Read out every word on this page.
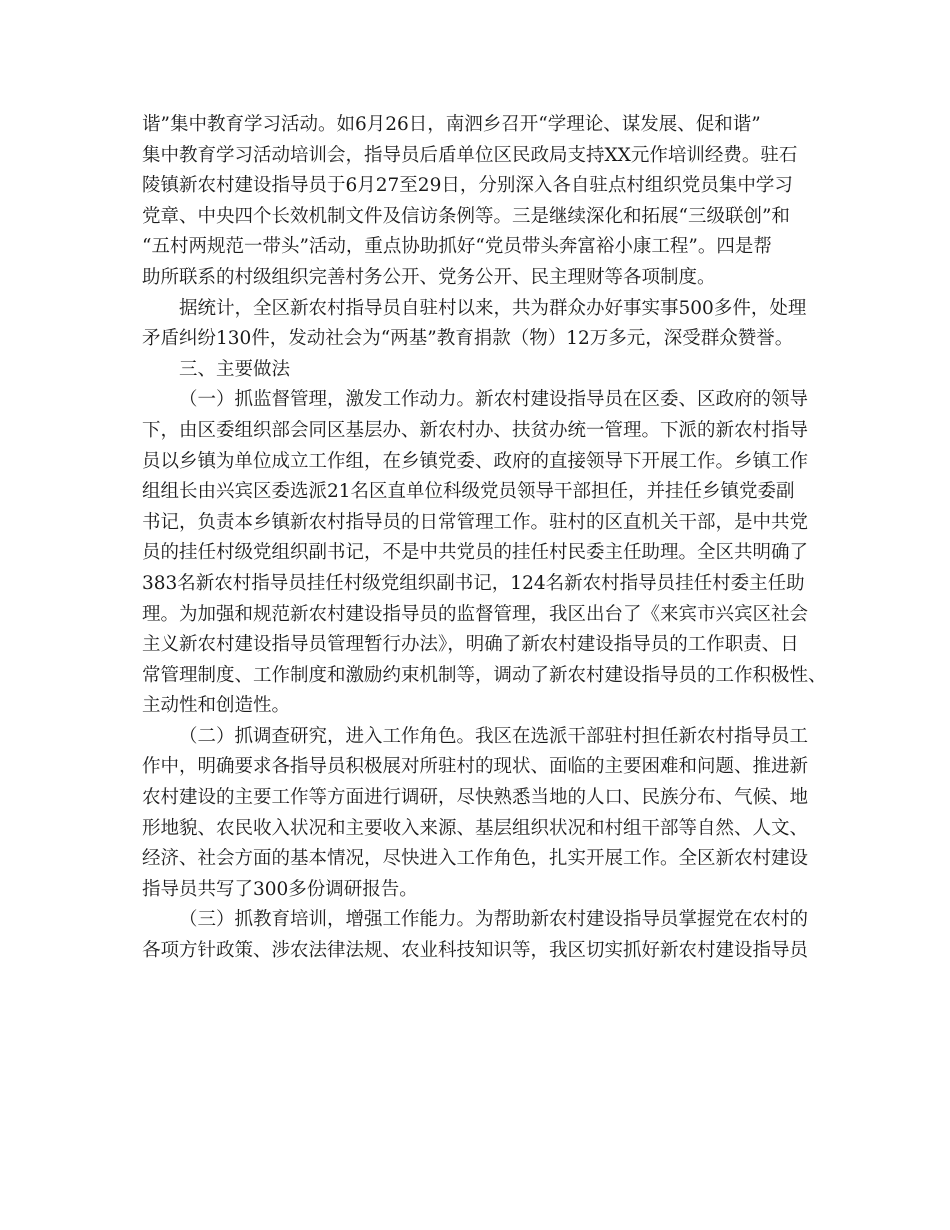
谐”集中教育学习活动。如6月26日，南泗乡召开“学理论、谋发展、促和谐”
集中教育学习活动培训会，指导员后盾单位区民政局支持XX元作培训经费。驻石
陵镇新农村建设指导员于6月27至29日，分别深入各自驻点村组织党员集中学习
党章、中央四个长效机制文件及信访条例等。三是继续深化和拓展“三级联创”和
“五村两规范一带头”活动，重点协助抓好“党员带头奔富裕小康工程”。四是帮
助所联系的村级组织完善村务公开、党务公开、民主理财等各项制度。
据统计，全区新农村指导员自驻村以来，共为群众办好事实事500多件，处理
矛盾纠纷130件，发动社会为“两基”教育捐款（物）12万多元，深受群众赞誉。
三、主要做法
（一）抓监督管理，激发工作动力。新农村建设指导员在区委、区政府的领导
下，由区委组织部会同区基层办、新农村办、扶贫办统一管理。下派的新农村指导
员以乡镇为单位成立工作组，在乡镇党委、政府的直接领导下开展工作。乡镇工作
组组长由兴宾区委选派21名区直单位科级党员领导干部担任，并挂任乡镇党委副
书记，负责本乡镇新农村指导员的日常管理工作。驻村的区直机关干部，是中共党
员的挂任村级党组织副书记，不是中共党员的挂任村民委主任助理。全区共明确了
383名新农村指导员挂任村级党组织副书记，124名新农村指导员挂任村委主任助
理。为加强和规范新农村建设指导员的监督管理，我区出台了《来宾市兴宾区社会
主义新农村建设指导员管理暂行办法》，明确了新农村建设指导员的工作职责、日
常管理制度、工作制度和激励约束机制等，调动了新农村建设指导员的工作积极性、
主动性和创造性。
（二）抓调查研究，进入工作角色。我区在选派干部驻村担任新农村指导员工
作中，明确要求各指导员积极展对所驻村的现状、面临的主要困难和问题、推进新
农村建设的主要工作等方面进行调研，尽快熟悉当地的人口、民族分布、气候、地
形地貌、农民收入状况和主要收入来源、基层组织状况和村组干部等自然、人文、
经济、社会方面的基本情况，尽快进入工作角色，扎实开展工作。全区新农村建设
指导员共写了300多份调研报告。
（三）抓教育培训，增强工作能力。为帮助新农村建设指导员掌握党在农村的
各项方针政策、涉农法律法规、农业科技知识等，我区切实抓好新农村建设指导员
